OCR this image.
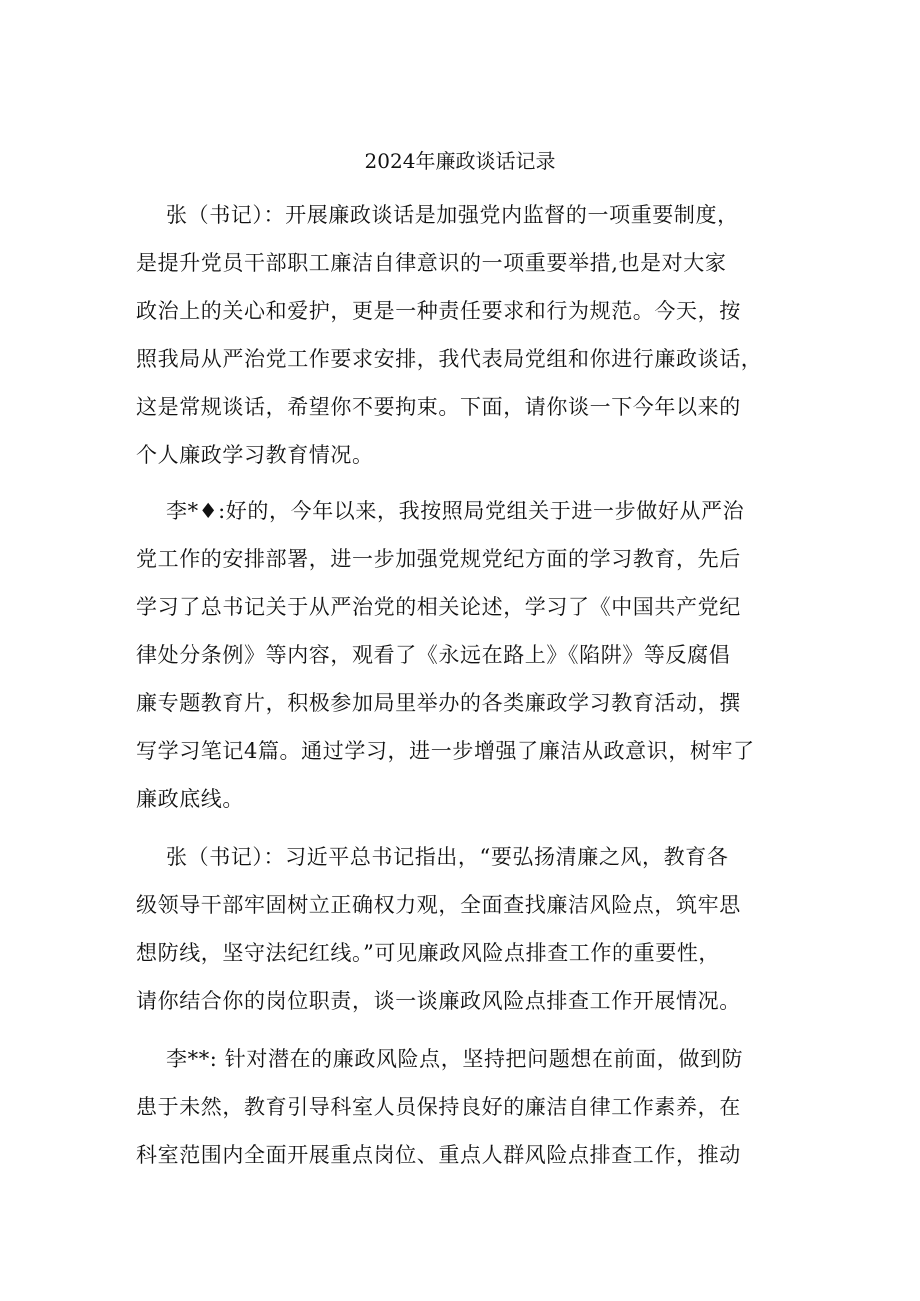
2024年廉政谈话记录
张（书记）：开展廉政谈话是加强党内监督的一项重要制度，
是提升党员干部职工廉洁自律意识的一项重要举措,也是对大家
政治上的关心和爱护，更是一种责任要求和行为规范。今天，按
照我局从严治党工作要求安排，我代表局党组和你进行廉政谈话，
这是常规谈话，希望你不要拘束。下面，请你谈一下今年以来的
个人廉政学习教育情况。
李*♦:好的，今年以来，我按照局党组关于进一步做好从严治
党工作的安排部署，进一步加强党规党纪方面的学习教育，先后
学习了总书记关于从严治党的相关论述，学习了《中国共产党纪
律处分条例》等内容，观看了《永远在路上》《陷阱》等反腐倡
廉专题教育片，积极参加局里举办的各类廉政学习教育活动，撰
写学习笔记4篇。通过学习，进一步增强了廉洁从政意识，树牢了
廉政底线。
张（书记）：习近平总书记指出，“要弘扬清廉之风，教育各
级领导干部牢固树立正确权力观，全面查找廉洁风险点，筑牢思
想防线，坚守法纪红线。”可见廉政风险点排查工作的重要性，
请你结合你的岗位职责，谈一谈廉政风险点排查工作开展情况。
李**: 针对潜在的廉政风险点，坚持把问题想在前面，做到防
患于未然，教育引导科室人员保持良好的廉洁自律工作素养，在
科室范围内全面开展重点岗位、重点人群风险点排查工作，推动
